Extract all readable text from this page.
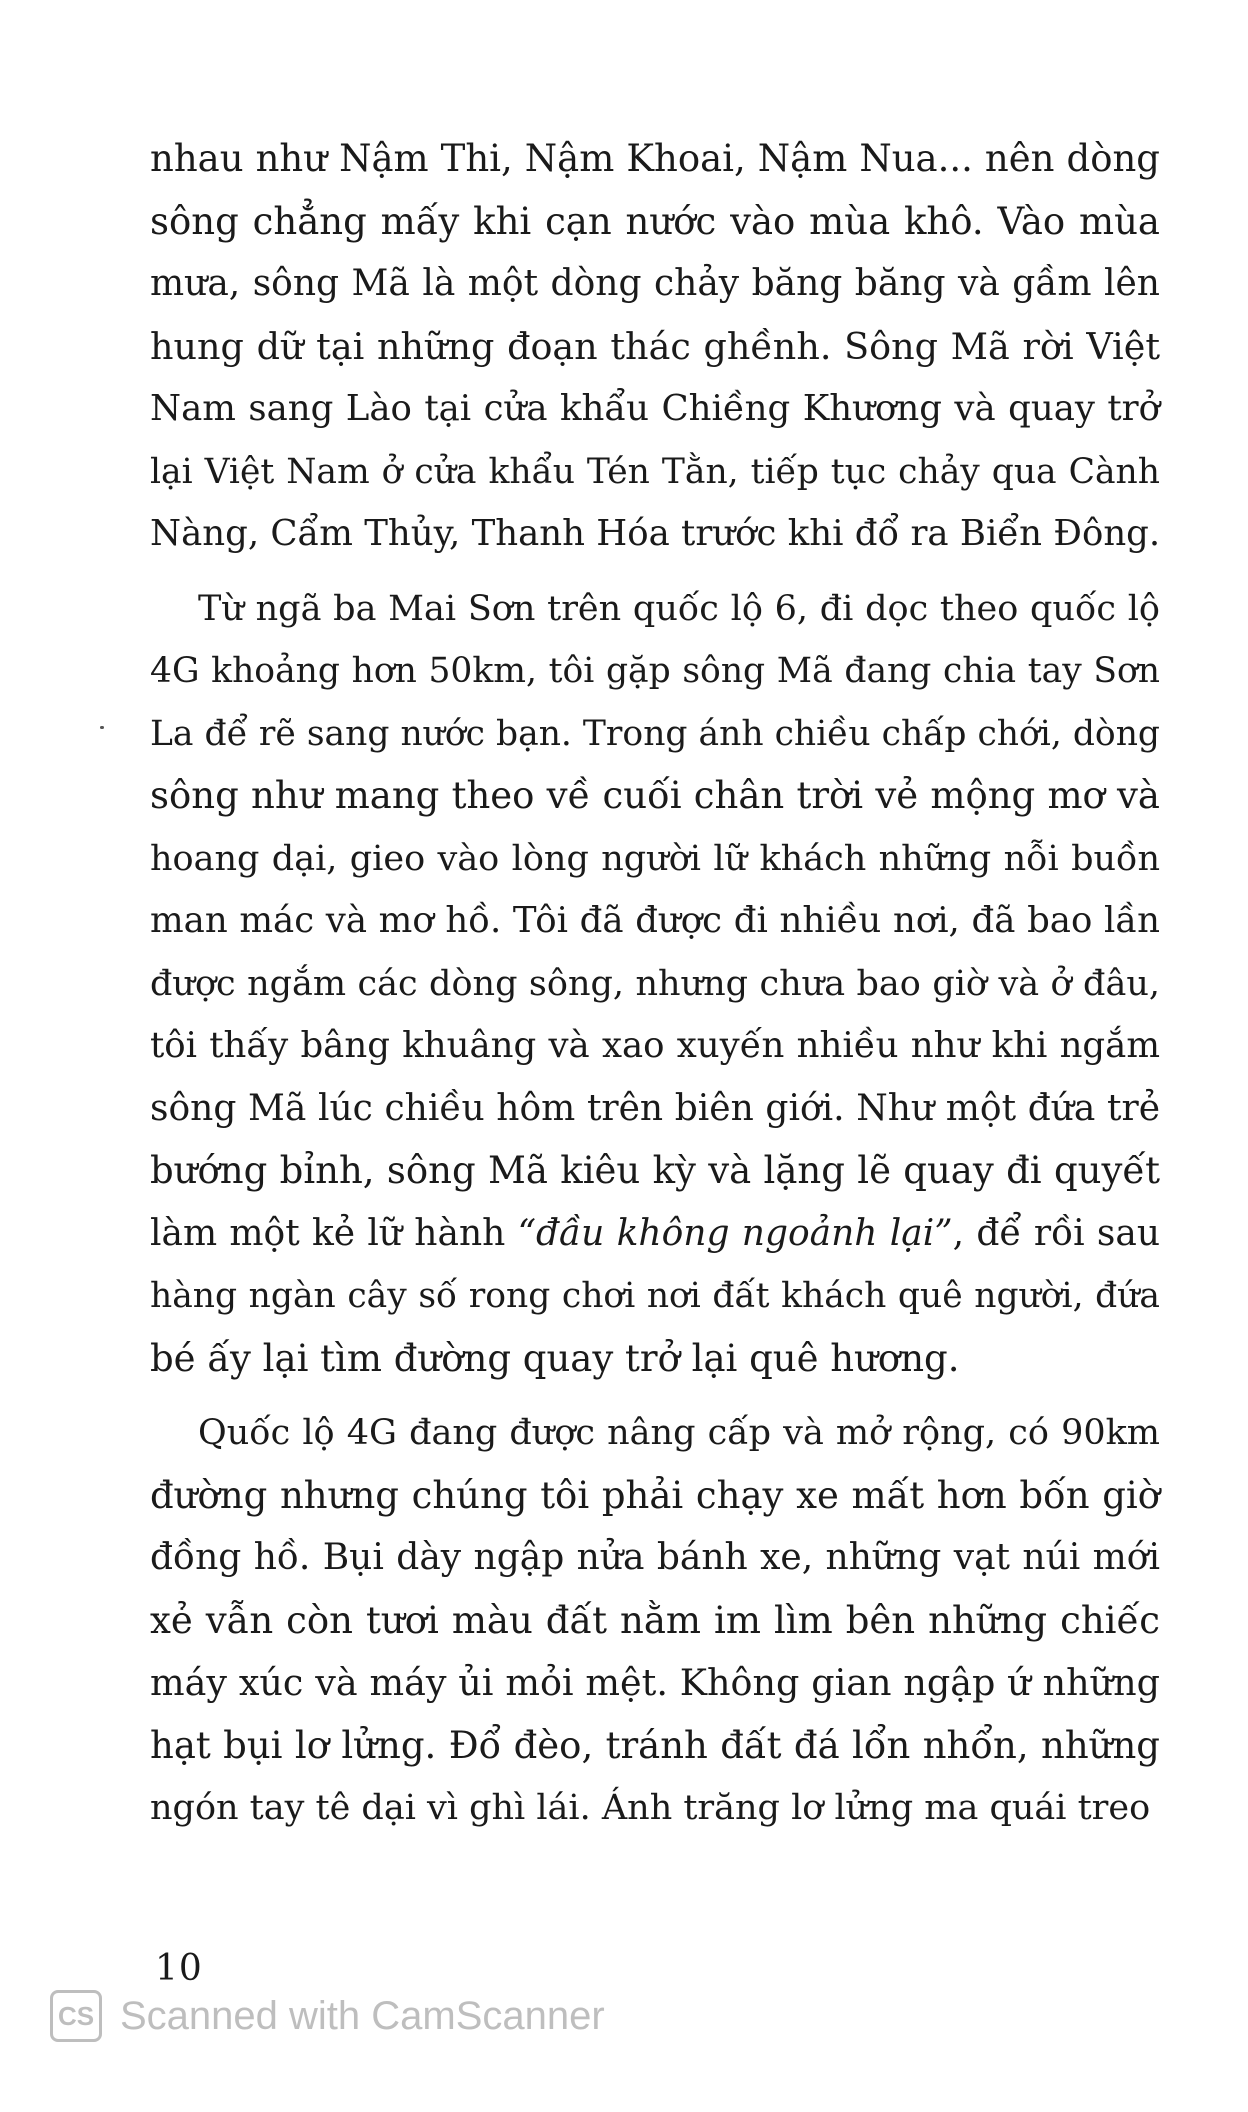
nhau như Nậm Thi, Nậm Khoai, Nậm Nua... nên dòng
sông chẳng mấy khi cạn nước vào mùa khô. Vào mùa
mưa, sông Mã là một dòng chảy băng băng và gầm lên
hung dữ tại những đoạn thác ghềnh. Sông Mã rời Việt
Nam sang Lào tại cửa khẩu Chiềng Khương và quay trở
lại Việt Nam ở cửa khẩu Tén Tằn, tiếp tục chảy qua Cành
Nàng, Cẩm Thủy, Thanh Hóa trước khi đổ ra Biển Đông.

Từ ngã ba Mai Sơn trên quốc lộ 6, đi dọc theo quốc lộ
4G khoảng hơn 50km, tôi gặp sông Mã đang chia tay Sơn
La để rẽ sang nước bạn. Trong ánh chiều chấp chới, dòng
sông như mang theo về cuối chân trời vẻ mộng mơ và
hoang dại, gieo vào lòng người lữ khách những nỗi buồn
man mác và mơ hồ. Tôi đã được đi nhiều nơi, đã bao lần
được ngắm các dòng sông, nhưng chưa bao giờ và ở đâu,
tôi thấy bâng khuâng và xao xuyến nhiều như khi ngắm
sông Mã lúc chiều hôm trên biên giới. Như một đứa trẻ
bướng bỉnh, sông Mã kiêu kỳ và lặng lẽ quay đi quyết
làm một kẻ lữ hành “đầu không ngoảnh lại”, để rồi sau
hàng ngàn cây số rong chơi nơi đất khách quê người, đứa
bé ấy lại tìm đường quay trở lại quê hương.

Quốc lộ 4G đang được nâng cấp và mở rộng, có 90km
đường nhưng chúng tôi phải chạy xe mất hơn bốn giờ
đồng hồ. Bụi dày ngập nửa bánh xe, những vạt núi mới
xẻ vẫn còn tươi màu đất nằm im lìm bên những chiếc
máy xúc và máy ủi mỏi mệt. Không gian ngập ứ những
hạt bụi lơ lửng. Đổ đèo, tránh đất đá lổn nhổn, những
ngón tay tê dại vì ghì lái. Ánh trăng lơ lửng ma quái treo

10
CS Scanned with CamScanner
